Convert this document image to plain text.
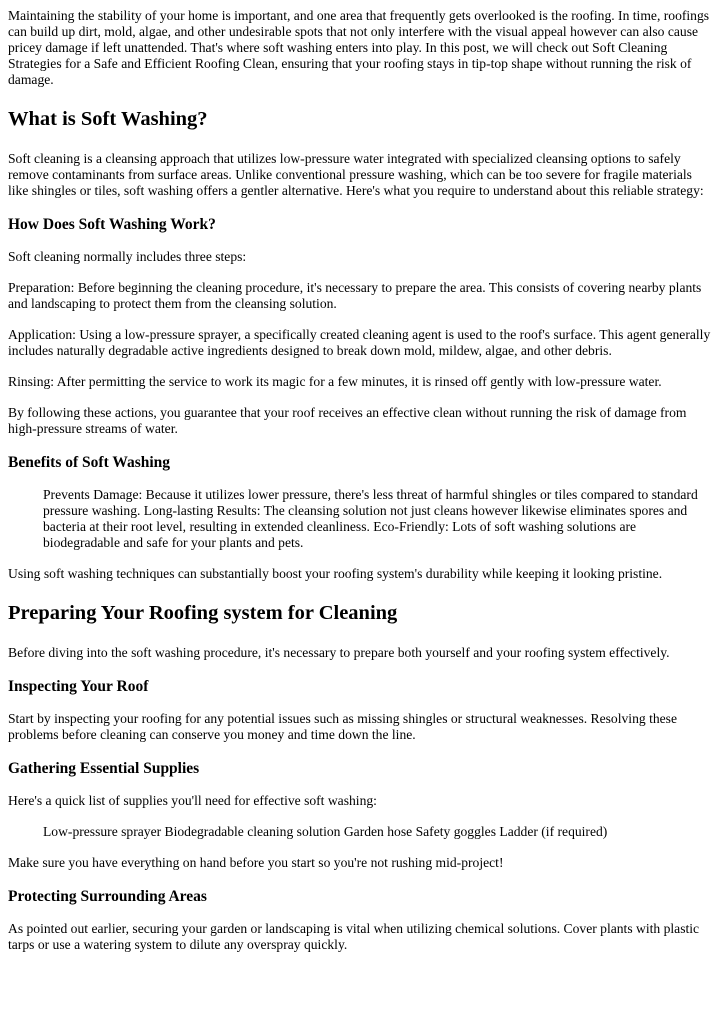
Maintaining the stability of your home is important, and one area that frequently gets overlooked is the roofing. In time, roofings can build up dirt, mold, algae, and other undesirable spots that not only interfere with the visual appeal however can also cause pricey damage if left unattended. That's where soft washing enters into play. In this post, we will check out Soft Cleaning Strategies for a Safe and Efficient Roofing Clean, ensuring that your roofing stays in tip-top shape without running the risk of damage.

What is Soft Washing?

Soft cleaning is a cleansing approach that utilizes low-pressure water integrated with specialized cleansing options to safely remove contaminants from surface areas. Unlike conventional pressure washing, which can be too severe for fragile materials like shingles or tiles, soft washing offers a gentler alternative. Here's what you require to understand about this reliable strategy:

How Does Soft Washing Work?

Soft cleaning normally includes three steps:

Preparation: Before beginning the cleaning procedure, it's necessary to prepare the area. This consists of covering nearby plants and landscaping to protect them from the cleansing solution.

Application: Using a low-pressure sprayer, a specifically created cleaning agent is used to the roof's surface. This agent generally includes naturally degradable active ingredients designed to break down mold, mildew, algae, and other debris.

Rinsing: After permitting the service to work its magic for a few minutes, it is rinsed off gently with low-pressure water.

By following these actions, you guarantee that your roof receives an effective clean without running the risk of damage from high-pressure streams of water.

Benefits of Soft Washing
Prevents Damage: Because it utilizes lower pressure, there's less threat of harmful shingles or tiles compared to standard pressure washing. Long-lasting Results: The cleansing solution not just cleans however likewise eliminates spores and bacteria at their root level, resulting in extended cleanliness. Eco-Friendly: Lots of soft washing solutions are biodegradable and safe for your plants and pets.

Using soft washing techniques can substantially boost your roofing system's durability while keeping it looking pristine.

Preparing Your Roofing system for Cleaning

Before diving into the soft washing procedure, it's necessary to prepare both yourself and your roofing system effectively.

Inspecting Your Roof

Start by inspecting your roofing for any potential issues such as missing shingles or structural weaknesses. Resolving these problems before cleaning can conserve you money and time down the line.

Gathering Essential Supplies

Here's a quick list of supplies you'll need for effective soft washing:

Low-pressure sprayer Biodegradable cleaning solution Garden hose Safety goggles Ladder (if required)

Make sure you have everything on hand before you start so you're not rushing mid-project!

Protecting Surrounding Areas

As pointed out earlier, securing your garden or landscaping is vital when utilizing chemical solutions. Cover plants with plastic tarps or use a watering system to dilute any overspray quickly.
